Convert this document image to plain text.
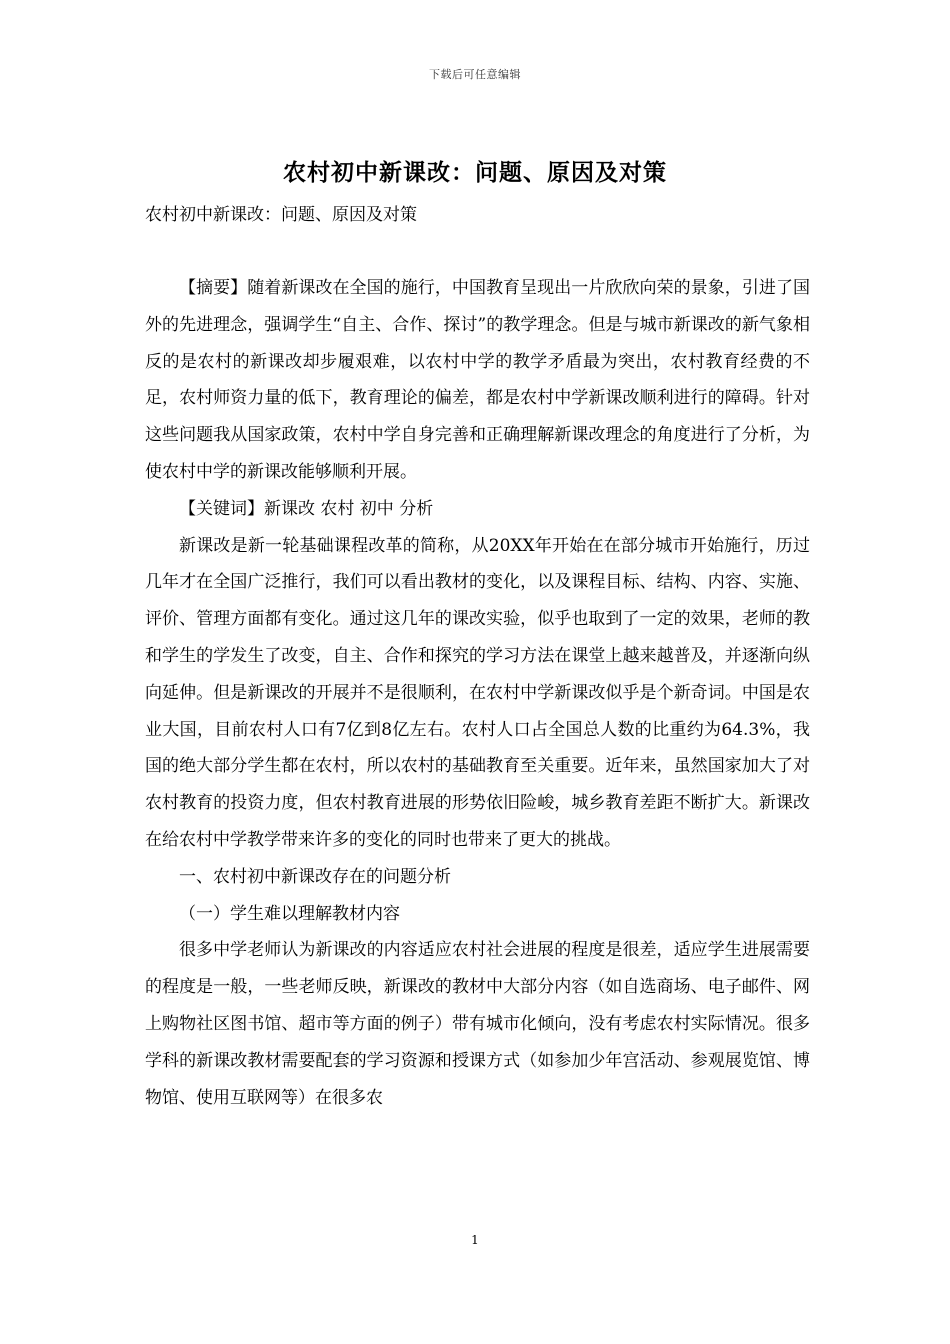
下载后可任意编辑
农村初中新课改：问题、原因及对策
农村初中新课改：问题、原因及对策

【摘要】随着新课改在全国的施行，中国教育呈现出一片欣欣向荣的景象，引进了国外的先进理念，强调学生“自主、合作、探讨”的教学理念。但是与城市新课改的新气象相反的是农村的新课改却步履艰难，以农村中学的教学矛盾最为突出，农村教育经费的不足，农村师资力量的低下，教育理论的偏差，都是农村中学新课改顺利进行的障碍。针对这些问题我从国家政策，农村中学自身完善和正确理解新课改理念的角度进行了分析，为使农村中学的新课改能够顺利开展。

【关键词】新课改 农村 初中 分析

新课改是新一轮基础课程改革的简称，从20XX年开始在在部分城市开始施行，历过几年才在全国广泛推行，我们可以看出教材的变化，以及课程目标、结构、内容、实施、评价、管理方面都有变化。通过这几年的课改实验，似乎也取到了一定的效果，老师的教和学生的学发生了改变，自主、合作和探究的学习方法在课堂上越来越普及，并逐渐向纵向延伸。但是新课改的开展并不是很顺利，在农村中学新课改似乎是个新奇词。中国是农业大国，目前农村人口有7亿到8亿左右。农村人口占全国总人数的比重约为64.3%，我国的绝大部分学生都在农村，所以农村的基础教育至关重要。近年来，虽然国家加大了对农村教育的投资力度，但农村教育进展的形势依旧险峻，城乡教育差距不断扩大。新课改在给农村中学教学带来许多的变化的同时也带来了更大的挑战。

一、农村初中新课改存在的问题分析

（一）学生难以理解教材内容

很多中学老师认为新课改的内容适应农村社会进展的程度是很差，适应学生进展需要的程度是一般，一些老师反映，新课改的教材中大部分内容（如自选商场、电子邮件、网上购物社区图书馆、超市等方面的例子）带有城市化倾向，没有考虑农村实际情况。很多学科的新课改教材需要配套的学习资源和授课方式（如参加少年宫活动、参观展览馆、博物馆、使用互联网等）在很多农

1
